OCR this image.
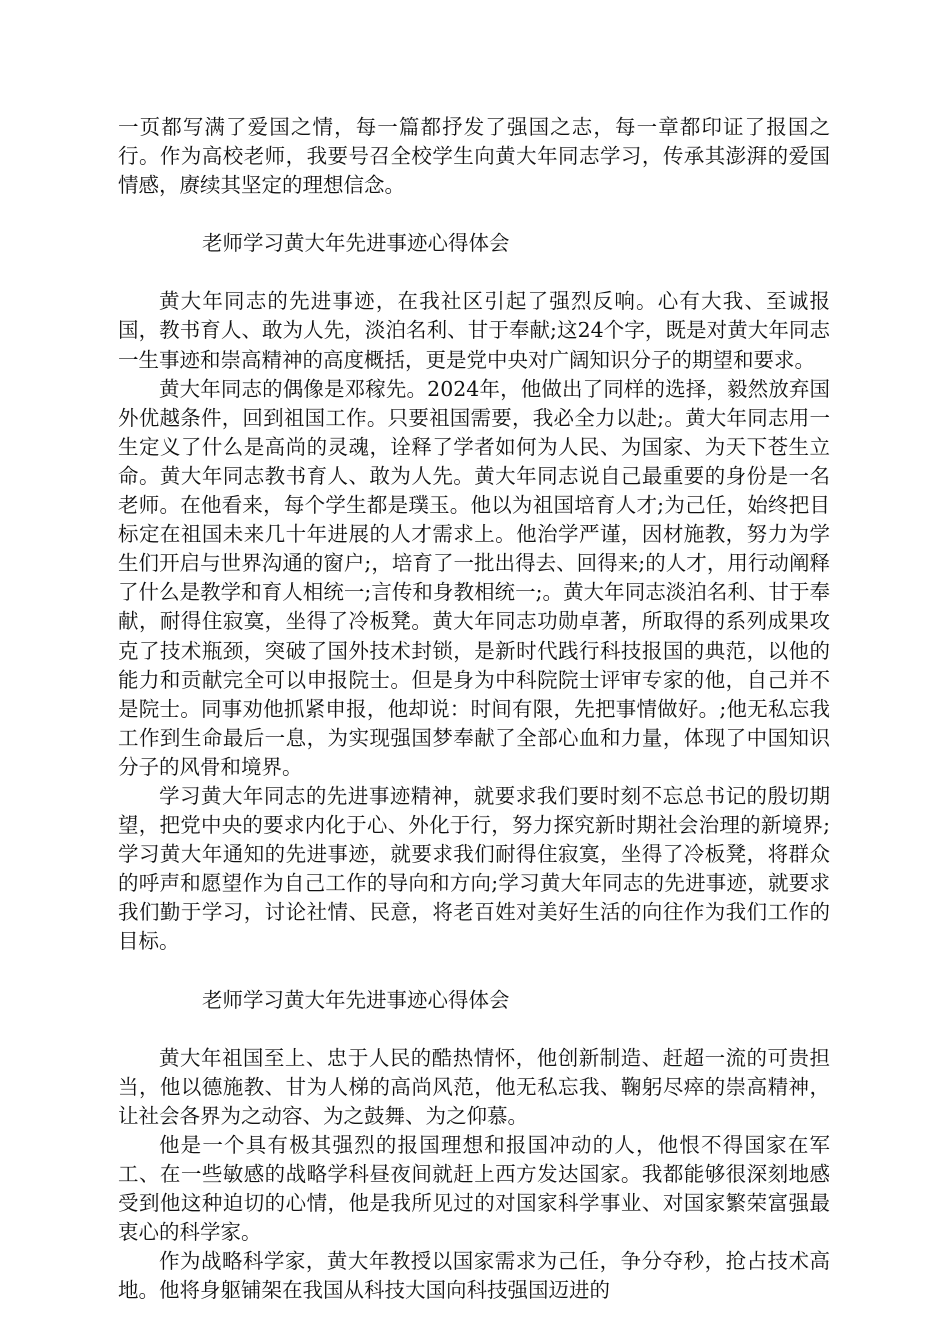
一页都写满了爱国之情，每一篇都抒发了强国之志，每一章都印证了报国之行。作为高校老师，我要号召全校学生向黄大年同志学习，传承其澎湃的爱国情感，赓续其坚定的理想信念。

老师学习黄大年先进事迹心得体会

黄大年同志的先进事迹，在我社区引起了强烈反响。心有大我、至诚报国，教书育人、敢为人先，淡泊名利、甘于奉献;这24个字，既是对黄大年同志一生事迹和崇高精神的高度概括，更是党中央对广阔知识分子的期望和要求。

黄大年同志的偶像是邓稼先。2024年，他做出了同样的选择，毅然放弃国外优越条件，回到祖国工作。只要祖国需要，我必全力以赴;。黄大年同志用一生定义了什么是高尚的灵魂，诠释了学者如何为人民、为国家、为天下苍生立命。黄大年同志教书育人、敢为人先。黄大年同志说自己最重要的身份是一名老师。在他看来，每个学生都是璞玉。他以为祖国培育人才;为己任，始终把目标定在祖国未来几十年进展的人才需求上。他治学严谨，因材施教，努力为学生们开启与世界沟通的窗户;，培育了一批出得去、回得来;的人才，用行动阐释了什么是教学和育人相统一;言传和身教相统一;。黄大年同志淡泊名利、甘于奉献，耐得住寂寞，坐得了冷板凳。黄大年同志功勋卓著，所取得的系列成果攻克了技术瓶颈，突破了国外技术封锁，是新时代践行科技报国的典范，以他的能力和贡献完全可以申报院士。但是身为中科院院士评审专家的他，自己并不是院士。同事劝他抓紧申报，他却说：时间有限，先把事情做好。;他无私忘我工作到生命最后一息，为实现强国梦奉献了全部心血和力量，体现了中国知识分子的风骨和境界。

学习黄大年同志的先进事迹精神，就要求我们要时刻不忘总书记的殷切期望，把党中央的要求内化于心、外化于行，努力探究新时期社会治理的新境界;学习黄大年通知的先进事迹，就要求我们耐得住寂寞，坐得了冷板凳，将群众的呼声和愿望作为自己工作的导向和方向;学习黄大年同志的先进事迹，就要求我们勤于学习，讨论社情、民意，将老百姓对美好生活的向往作为我们工作的目标。

老师学习黄大年先进事迹心得体会

黄大年祖国至上、忠于人民的酷热情怀，他创新制造、赶超一流的可贵担当，他以德施教、甘为人梯的高尚风范，他无私忘我、鞠躬尽瘁的崇高精神，让社会各界为之动容、为之鼓舞、为之仰慕。

他是一个具有极其强烈的报国理想和报国冲动的人，他恨不得国家在军工、在一些敏感的战略学科昼夜间就赶上西方发达国家。我都能够很深刻地感受到他这种迫切的心情，他是我所见过的对国家科学事业、对国家繁荣富强最衷心的科学家。

作为战略科学家，黄大年教授以国家需求为己任，争分夺秒，抢占技术高地。他将身躯铺架在我国从科技大国向科技强国迈进的
